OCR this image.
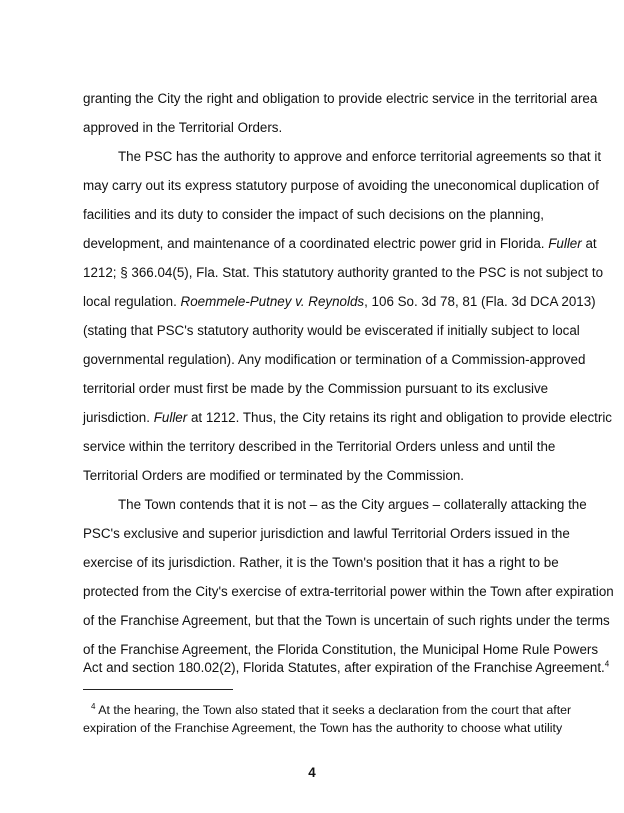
granting the City the right and obligation to provide electric service in the territorial area
approved in the Territorial Orders.
The PSC has the authority to approve and enforce territorial agreements so that it
may carry out its express statutory purpose of avoiding the uneconomical duplication of
facilities and its duty to consider the impact of such decisions on the planning,
development, and maintenance of a coordinated electric power grid in Florida. Fuller at
1212; § 366.04(5), Fla. Stat. This statutory authority granted to the PSC is not subject to
local regulation. Roemmele-Putney v. Reynolds, 106 So. 3d 78, 81 (Fla. 3d DCA 2013)
(stating that PSC's statutory authority would be eviscerated if initially subject to local
governmental regulation). Any modification or termination of a Commission-approved
territorial order must first be made by the Commission pursuant to its exclusive
jurisdiction. Fuller at 1212. Thus, the City retains its right and obligation to provide electric
service within the territory described in the Territorial Orders unless and until the
Territorial Orders are modified or terminated by the Commission.
The Town contends that it is not – as the City argues – collaterally attacking the
PSC's exclusive and superior jurisdiction and lawful Territorial Orders issued in the
exercise of its jurisdiction. Rather, it is the Town's position that it has a right to be
protected from the City's exercise of extra-territorial power within the Town after expiration
of the Franchise Agreement, but that the Town is uncertain of such rights under the terms
of the Franchise Agreement, the Florida Constitution, the Municipal Home Rule Powers
Act and section 180.02(2), Florida Statutes, after expiration of the Franchise Agreement.$^4$
$^4$ At the hearing, the Town also stated that it seeks a declaration from the court that after
expiration of the Franchise Agreement, the Town has the authority to choose what utility
4
